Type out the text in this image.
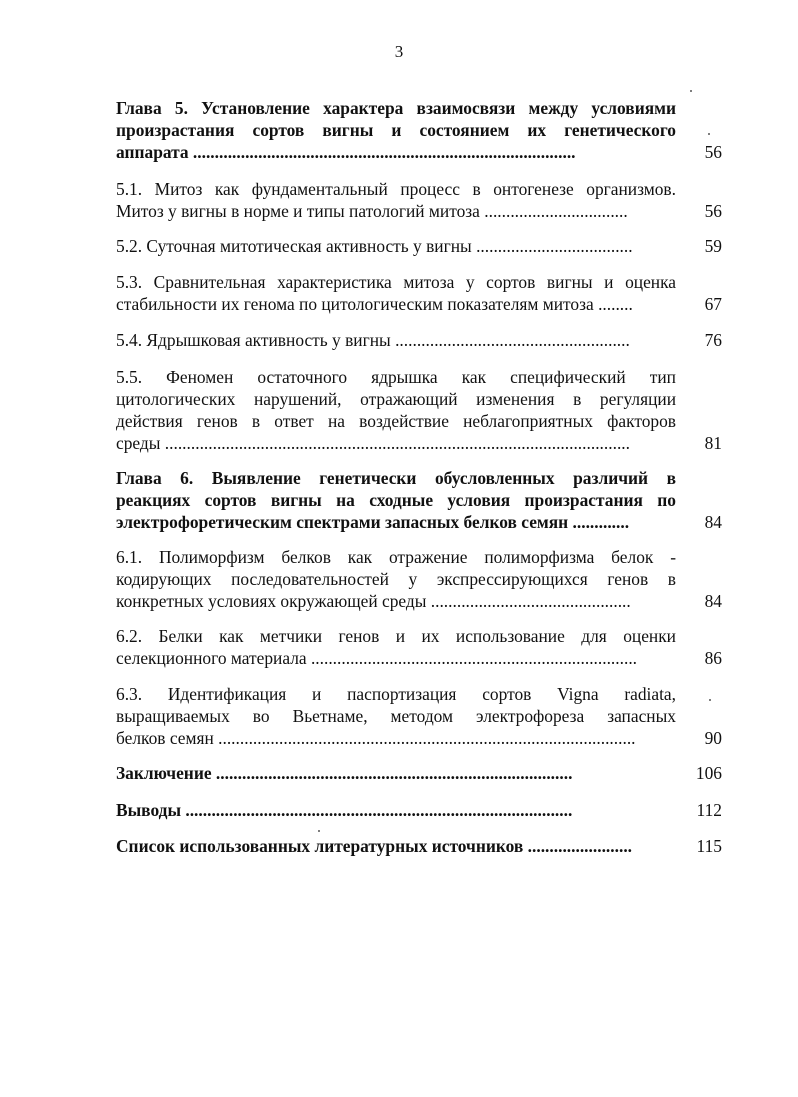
3
Глава 5. Установление характера взаимосвязи между условиями
произрастания сортов вигны и состоянием их генетического
аппарата ........................................................................................	56
5.1. Митоз как фундаментальный процесс в онтогенезе организмов.
Митоз у вигны в норме и типы патологий митоза .................................	56
5.2. Суточная митотическая активность у вигны ....................................	59
5.3. Сравнительная характеристика митоза у сортов вигны и оценка
стабильности их генома по цитологическим показателям митоза ........	67
5.4. Ядрышковая активность у вигны ......................................................	76
5.5. Феномен остаточного ядрышка как специфический тип
цитологических нарушений, отражающий изменения в регуляции
действия генов в ответ на воздействие неблагоприятных факторов
среды ...........................................................................................................	81
Глава 6. Выявление генетически обусловленных различий в
реакциях сортов вигны на сходные условия произрастания по
электрофоретическим спектрами запасных белков семян .............	84
6.1. Полиморфизм белков как отражение полиморфизма белок -
кодирующих последовательностей у экспрессирующихся генов в
конкретных условиях окружающей среды ..............................................	84
6.2. Белки как метчики генов и их использование для оценки
селекционного материала ...........................................................................	86
6.3. Идентификация и паспортизация сортов Vigna radiata,
выращиваемых во Вьетнаме, методом электрофореза запасных
белков семян ................................................................................................	90
Заключение ..................................................................................	106
Выводы .........................................................................................	112
Список использованных литературных источников ........................	115
